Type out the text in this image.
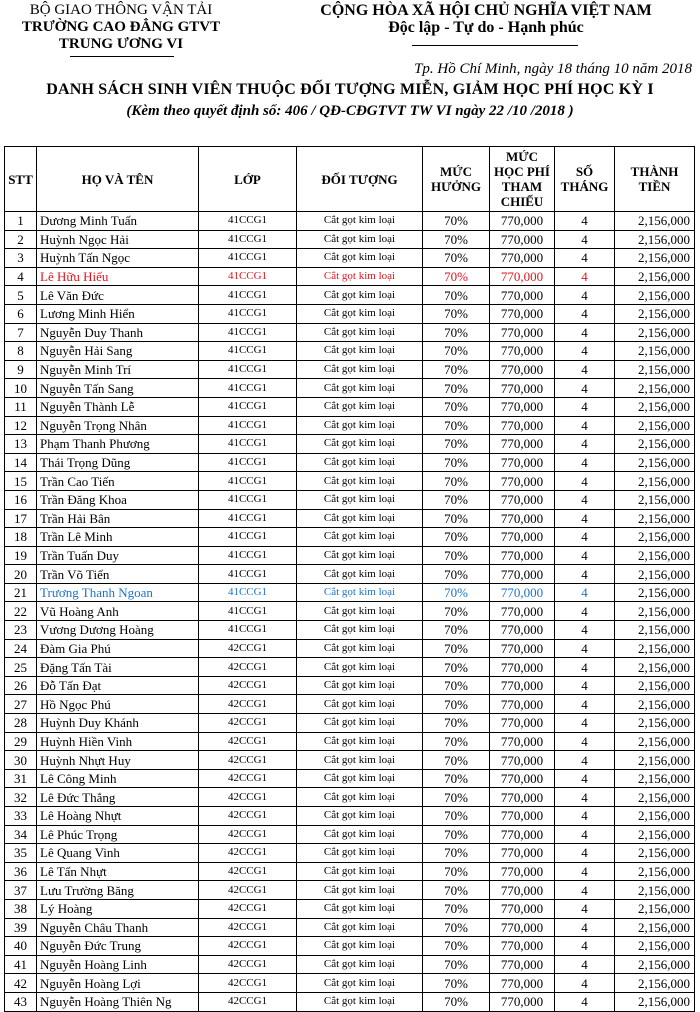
BỘ GIAO THÔNG VẬN TẢI
TRƯỜNG CAO ĐẲNG GTVT
TRUNG ƯƠNG VI
CỘNG HÒA XÃ HỘI CHỦ NGHĨA VIỆT NAM
Độc lập - Tự do - Hạnh phúc
Tp. Hồ Chí Minh, ngày 18 tháng 10 năm 2018
DANH SÁCH SINH VIÊN THUỘC ĐỐI TƯỢNG MIỄN, GIẢM HỌC PHÍ HỌC KỲ I
(Kèm theo quyết định số: 406 / QĐ-CĐGTVT TW VI ngày 22 /10 /2018 )
STT	HỌ VÀ TÊN	LỚP	ĐỐI TƯỢNG	MỨC HƯỞNG	MỨC HỌC PHÍ THAM CHIẾU	SỐ THÁNG	THÀNH TIỀN
1	Dương Minh Tuấn	41CCG1	Cắt gọt kim loại	70%	770,000	4	2,156,000
2	Huỳnh Ngọc Hải	41CCG1	Cắt gọt kim loại	70%	770,000	4	2,156,000
3	Huỳnh Tấn Ngọc	41CCG1	Cắt gọt kim loại	70%	770,000	4	2,156,000
4	Lê Hữu Hiếu	41CCG1	Cắt gọt kim loại	70%	770,000	4	2,156,000
5	Lê Văn Đức	41CCG1	Cắt gọt kim loại	70%	770,000	4	2,156,000
6	Lương Minh Hiển	41CCG1	Cắt gọt kim loại	70%	770,000	4	2,156,000
7	Nguyễn Duy Thanh	41CCG1	Cắt gọt kim loại	70%	770,000	4	2,156,000
8	Nguyễn Hải Sang	41CCG1	Cắt gọt kim loại	70%	770,000	4	2,156,000
9	Nguyễn Minh Trí	41CCG1	Cắt gọt kim loại	70%	770,000	4	2,156,000
10	Nguyễn Tấn Sang	41CCG1	Cắt gọt kim loại	70%	770,000	4	2,156,000
11	Nguyễn Thành Lễ	41CCG1	Cắt gọt kim loại	70%	770,000	4	2,156,000
12	Nguyễn Trọng Nhân	41CCG1	Cắt gọt kim loại	70%	770,000	4	2,156,000
13	Phạm Thanh Phương	41CCG1	Cắt gọt kim loại	70%	770,000	4	2,156,000
14	Thái Trọng Dũng	41CCG1	Cắt gọt kim loại	70%	770,000	4	2,156,000
15	Trần Cao Tiến	41CCG1	Cắt gọt kim loại	70%	770,000	4	2,156,000
16	Trần Đăng Khoa	41CCG1	Cắt gọt kim loại	70%	770,000	4	2,156,000
17	Trần Hải Bân	41CCG1	Cắt gọt kim loại	70%	770,000	4	2,156,000
18	Trần Lê Minh	41CCG1	Cắt gọt kim loại	70%	770,000	4	2,156,000
19	Trần Tuấn Duy	41CCG1	Cắt gọt kim loại	70%	770,000	4	2,156,000
20	Trần Võ Tiến	41CCG1	Cắt gọt kim loại	70%	770,000	4	2,156,000
21	Trương Thanh Ngoan	41CCG1	Cắt gọt kim loại	70%	770,000	4	2,156,000
22	Vũ Hoàng Anh	41CCG1	Cắt gọt kim loại	70%	770,000	4	2,156,000
23	Vương Dương Hoàng	41CCG1	Cắt gọt kim loại	70%	770,000	4	2,156,000
24	Đàm Gia Phú	42CCG1	Cắt gọt kim loại	70%	770,000	4	2,156,000
25	Đặng Tấn Tài	42CCG1	Cắt gọt kim loại	70%	770,000	4	2,156,000
26	Đỗ Tấn Đạt	42CCG1	Cắt gọt kim loại	70%	770,000	4	2,156,000
27	Hồ Ngọc Phú	42CCG1	Cắt gọt kim loại	70%	770,000	4	2,156,000
28	Huỳnh Duy Khánh	42CCG1	Cắt gọt kim loại	70%	770,000	4	2,156,000
29	Huỳnh Hiền Vinh	42CCG1	Cắt gọt kim loại	70%	770,000	4	2,156,000
30	Huỳnh Nhựt Huy	42CCG1	Cắt gọt kim loại	70%	770,000	4	2,156,000
31	Lê Công Minh	42CCG1	Cắt gọt kim loại	70%	770,000	4	2,156,000
32	Lê Đức Thắng	42CCG1	Cắt gọt kim loại	70%	770,000	4	2,156,000
33	Lê Hoàng Nhựt	42CCG1	Cắt gọt kim loại	70%	770,000	4	2,156,000
34	Lê Phúc Trọng	42CCG1	Cắt gọt kim loại	70%	770,000	4	2,156,000
35	Lê Quang Vinh	42CCG1	Cắt gọt kim loại	70%	770,000	4	2,156,000
36	Lê Tấn Nhựt	42CCG1	Cắt gọt kim loại	70%	770,000	4	2,156,000
37	Lưu Trường Băng	42CCG1	Cắt gọt kim loại	70%	770,000	4	2,156,000
38	Lý Hoàng	42CCG1	Cắt gọt kim loại	70%	770,000	4	2,156,000
39	Nguyễn Châu Thanh	42CCG1	Cắt gọt kim loại	70%	770,000	4	2,156,000
40	Nguyễn Đức Trung	42CCG1	Cắt gọt kim loại	70%	770,000	4	2,156,000
41	Nguyễn Hoàng Linh	42CCG1	Cắt gọt kim loại	70%	770,000	4	2,156,000
42	Nguyễn Hoàng Lợi	42CCG1	Cắt gọt kim loại	70%	770,000	4	2,156,000
43	Nguyễn Hoàng Thiên Ng	42CCG1	Cắt gọt kim loại	70%	770,000	4	2,156,000
